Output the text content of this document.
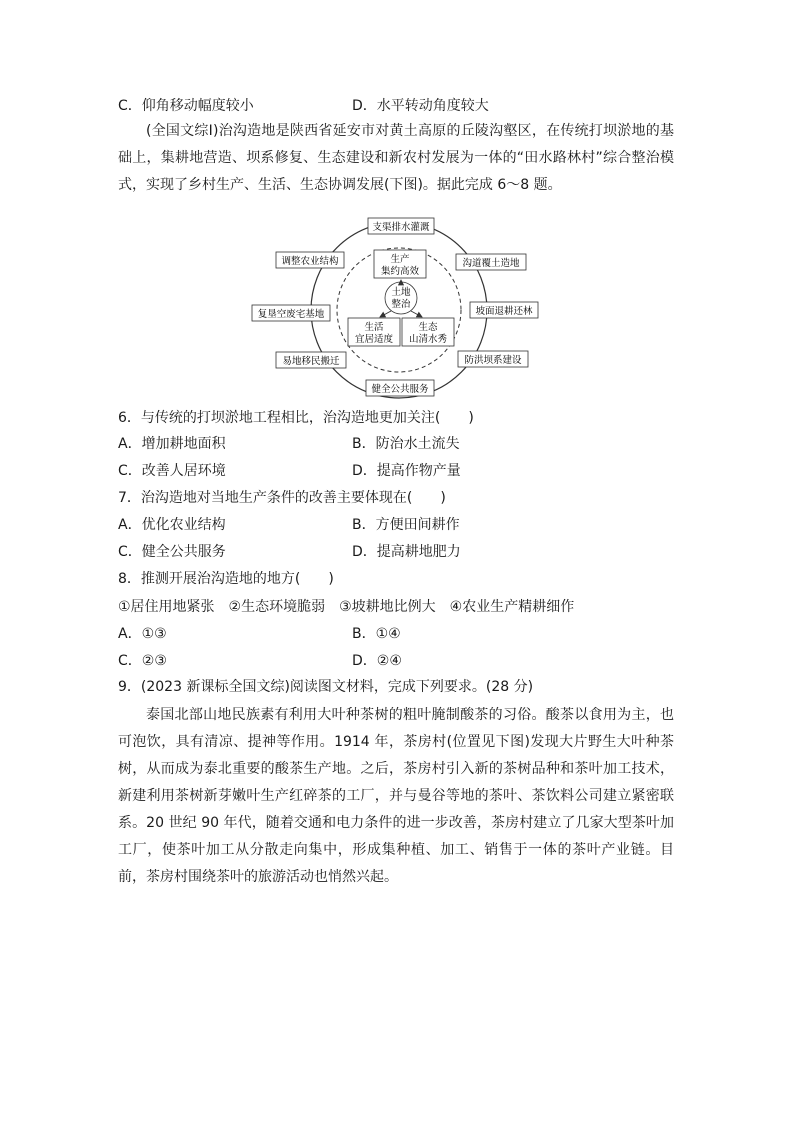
C．仰角移动幅度较小	D．水平转动角度较大
(全国文综Ⅰ)治沟造地是陕西省延安市对黄土高原的丘陵沟壑区，在传统打坝淤地的基础上，集耕地营造、坝系修复、生态建设和新农村发展为一体的“田水路林村”综合整治模式，实现了乡村生产、生活、生态协调发展(下图)。据此完成 6～8 题。
支渠排水灌溉
调整农业结构	沟道覆土造地
复垦空废宅基地	坡面退耕还林
易地移民搬迁	防洪坝系建设
健全公共服务
生产
集约高效
生活
宜居适度
生态
山清水秀
土地
整治
6．与传统的打坝淤地工程相比，治沟造地更加关注(　　)
A．增加耕地面积	B．防治水土流失
C．改善人居环境	D．提高作物产量
7．治沟造地对当地生产条件的改善主要体现在(　　)
A．优化农业结构	B．方便田间耕作
C．健全公共服务	D．提高耕地肥力
8．推测开展治沟造地的地方(　　)
①居住用地紧张　②生态环境脆弱　③坡耕地比例大　④农业生产精耕细作
A．①③	B．①④
C．②③	D．②④
9．(2023 新课标全国文综)阅读图文材料，完成下列要求。(28 分)
泰国北部山地民族素有利用大叶种茶树的粗叶腌制酸茶的习俗。酸茶以食用为主，也可泡饮，具有清凉、提神等作用。1914 年，茶房村(位置见下图)发现大片野生大叶种茶树，从而成为泰北重要的酸茶生产地。之后，茶房村引入新的茶树品种和茶叶加工技术，新建利用茶树新芽嫩叶生产红碎茶的工厂，并与曼谷等地的茶叶、茶饮料公司建立紧密联系。20 世纪 90 年代，随着交通和电力条件的进一步改善，茶房村建立了几家大型茶叶加工厂，使茶叶加工从分散走向集中，形成集种植、加工、销售于一体的茶叶产业链。目前，茶房村围绕茶叶的旅游活动也悄然兴起。
